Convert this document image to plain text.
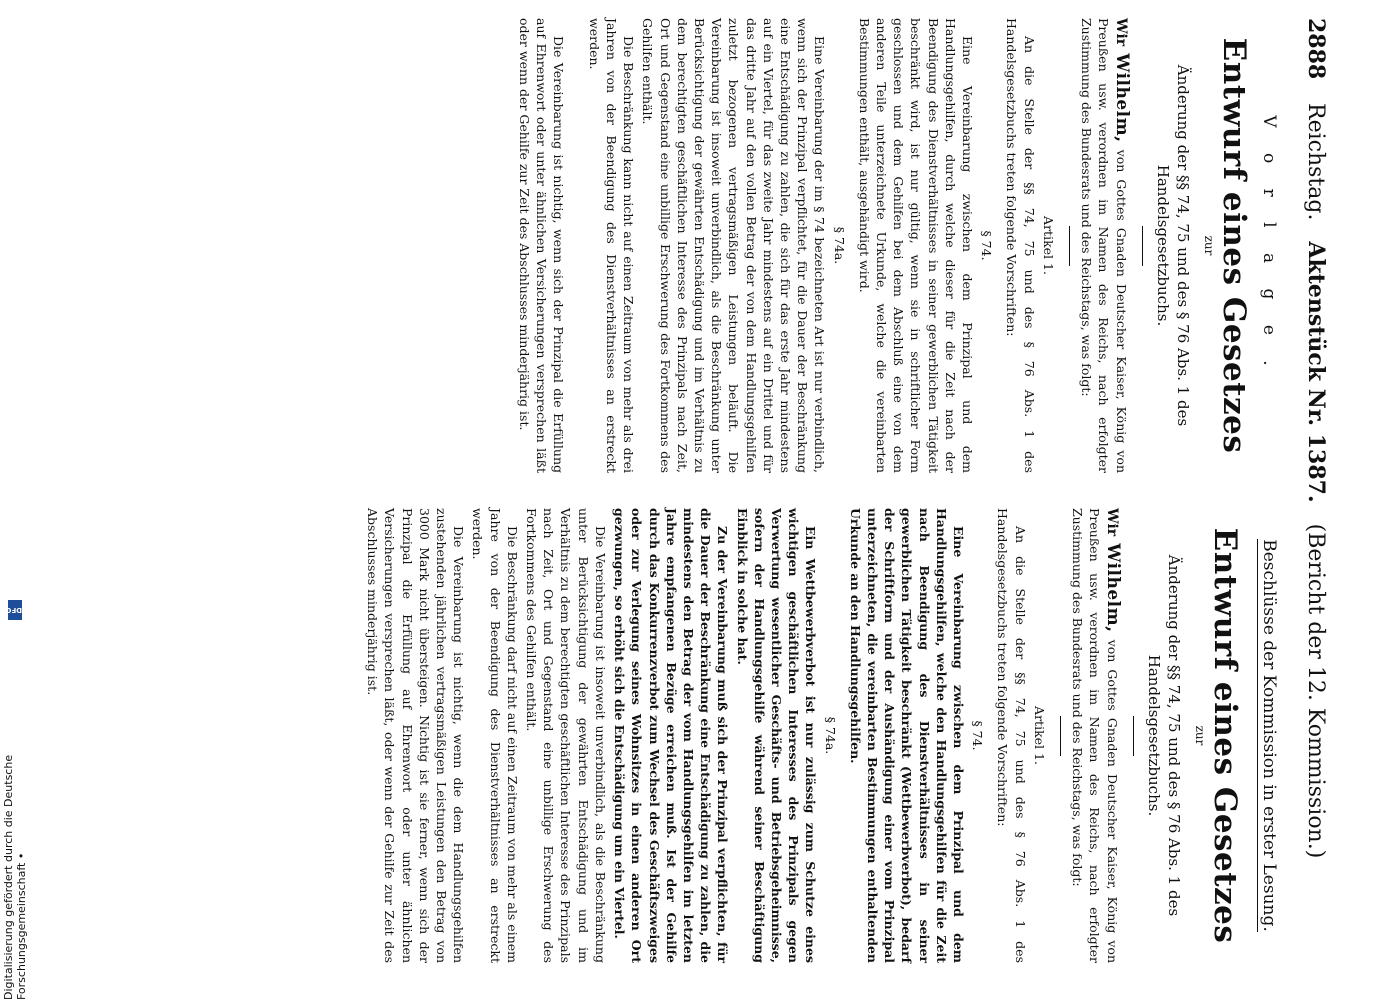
Digitalisierung gefördert durch die Deutsche Forschungsgemeinschaft •
DFG
2888
Reichstag.   Aktenstück Nr. 1387.   (Bericht der 12. Kommission.)
V o r l a g e .
Entwurf eines Gesetzes
zur
Änderung der §§ 74, 75 und des § 76 Abs. 1 des Handelsgesetzbuchs.
Wir Wilhelm, von Gottes Gnaden Deutscher Kaiser, König von Preußen usw. verordnen im Namen des Reichs, nach erfolgter Zustimmung des Bundesrats und des Reichstags, was folgt:
Artikel 1.
An die Stelle der §§ 74, 75 und des § 76 Abs. 1 des Handelsgesetzbuchs treten folgende Vorschriften:
§ 74.
Eine Vereinbarung zwischen dem Prinzipal und dem Handlungsgehilfen, durch welche dieser für die Zeit nach der Beendigung des Dienstverhältnisses in seiner gewerblichen Tätigkeit beschränkt wird, ist nur gültig, wenn sie in schriftlicher Form geschlossen und dem Gehilfen bei dem Abschluß eine von dem anderen Teile unterzeichnete Urkunde, welche die vereinbarten Bestimmungen enthält, ausgehändigt wird.
§ 74a.
Eine Vereinbarung der im § 74 bezeichneten Art ist nur verbindlich, wenn sich der Prinzipal verpflichtet, für die Dauer der Beschränkung eine Entschädigung zu zahlen, die sich für das erste Jahr mindestens auf ein Viertel, für das zweite Jahr mindestens auf ein Drittel und für das dritte Jahr auf den vollen Betrag der von dem Handlungsgehilfen zuletzt bezogenen vertragsmäßigen Leistungen beläuft. Die Vereinbarung ist insoweit unverbindlich, als die Beschränkung unter Berücksichtigung der gewährten Entschädigung und im Verhältnis zu dem berechtigten geschäftlichen Interesse des Prinzipals nach Zeit, Ort und Gegenstand eine unbillige Erschwerung des Fortkommens des Gehilfen enthält.
Die Beschränkung kann nicht auf einen Zeitraum von mehr als drei Jahren von der Beendigung des Dienstverhältnisses an erstreckt werden.
Die Vereinbarung ist nichtig, wenn sich der Prinzipal die Erfüllung auf Ehrenwort oder unter ähnlichen Versicherungen versprechen läßt oder wenn der Gehilfe zur Zeit des Abschlusses minderjährig ist.
Beschlüsse der Kommission in erster Lesung.
Entwurf eines Gesetzes
zur
Änderung der §§ 74, 75 und des § 76 Abs. 1 des Handelsgesetzbuchs.
Wir Wilhelm, von Gottes Gnaden Deutscher Kaiser, König von Preußen usw. verordnen im Namen des Reichs, nach erfolgter Zustimmung des Bundesrats und des Reichstags, was folgt:
Artikel 1.
An die Stelle der §§ 74, 75 und des § 76 Abs. 1 des Handelsgesetzbuchs treten folgende Vorschriften:
§ 74.
Eine Vereinbarung zwischen dem Prinzipal und dem Handlungsgehilfen, welche den Handlungsgehilfen für die Zeit nach Beendigung des Dienstverhältnisses in seiner gewerblichen Tätigkeit beschränkt (Wettbewerbverbot), bedarf der Schriftform und der Aushändigung einer vom Prinzipal unterzeichneten, die vereinbarten Bestimmungen enthaltenden Urkunde an den Handlungsgehilfen.
§ 74a.
Ein Wettbewerbverbot ist nur zulässig zum Schutze eines wichtigen geschäftlichen Interesses des Prinzipals gegen Verwertung wesentlicher Geschäfts- und Betriebsgeheimnisse, sofern der Handlungsgehilfe während seiner Beschäftigung Einblick in solche hat.
Zu der Vereinbarung muß sich der Prinzipal verpflichten, für die Dauer der Beschränkung eine Entschädigung zu zahlen, die mindestens den Betrag der vom Handlungsgehilfen im letzten Jahre empfangenen Bezüge erreichen muß. Ist der Gehilfe durch das Konkurrenzverbot zum Wechsel des Geschäftszweiges oder zur Verlegung seines Wohnsitzes in einen anderen Ort gezwungen, so erhöht sich die Entschädigung um ein Viertel.
Die Vereinbarung ist insoweit unverbindlich, als die Beschränkung unter Berücksichtigung der gewährten Entschädigung und im Verhältnis zu dem berechtigten geschäftlichen Interesse des Prinzipals nach Zeit, Ort und Gegenstand eine unbillige Erschwerung des Fortkommens des Gehilfen enthält.
Die Beschränkung darf nicht auf einen Zeitraum von mehr als einem Jahre von der Beendigung des Dienstverhältnisses an erstreckt werden.
Die Vereinbarung ist nichtig, wenn die dem Handlungsgehilfen zustehenden jährlichen vertragsmäßigen Leistungen den Betrag von 3000 Mark nicht übersteigen. Nichtig ist sie ferner, wenn sich der Prinzipal die Erfüllung auf Ehrenwort oder unter ähnlichen Versicherungen versprechen läßt, oder wenn der Gehilfe zur Zeit des Abschlusses minderjährig ist.
